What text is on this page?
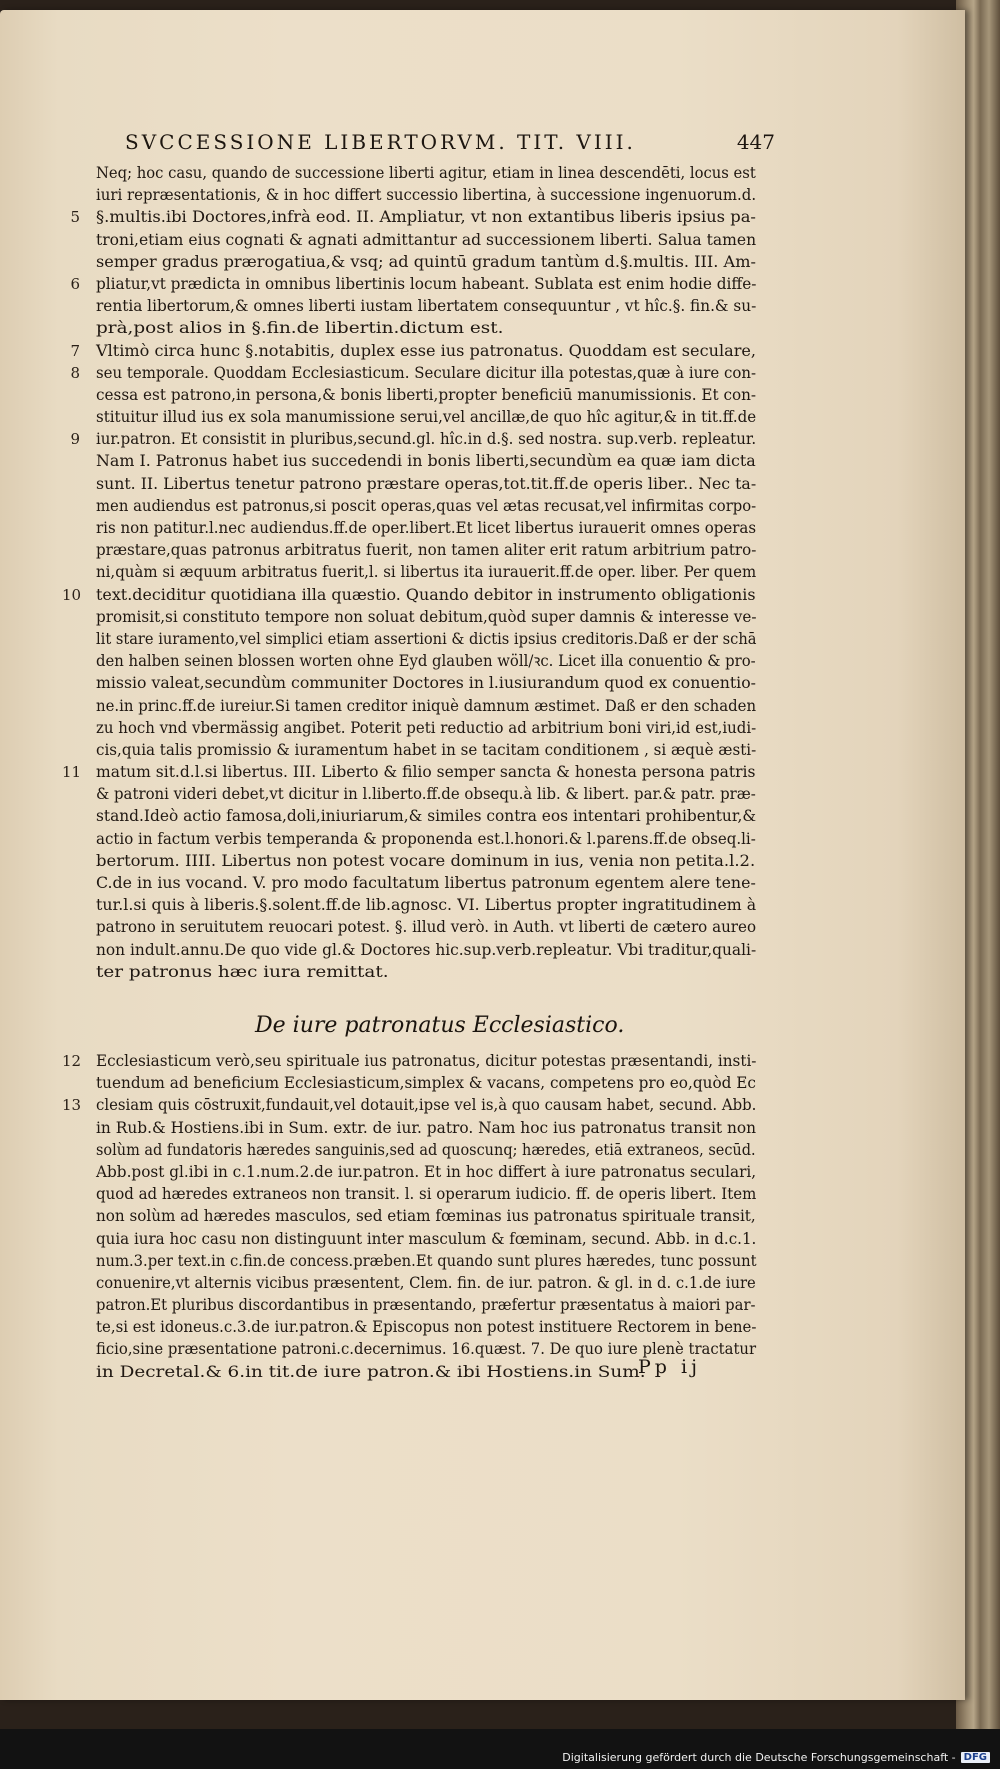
SVCCESSIONE LIBERTORVM. TIT. VIII.	447
Neq; hoc casu, quando de successione liberti agitur, etiam in linea descendēti, locus est
iuri repræsentationis, & in hoc differt successio libertina, à successione ingenuorum.d.
5 §.multis.ibi Doctores,infrà eod. II. Ampliatur, vt non extantibus liberis ipsius pa-
troni,etiam eius cognati & agnati admittantur ad successionem liberti. Salua tamen
semper gradus prærogatiua,& vsq; ad quintū gradum tantùm d.§.multis. III. Am-
6 pliatur,vt prædicta in omnibus libertinis locum habeant. Sublata est enim hodie diffe-
rentia libertorum,& omnes liberti iustam libertatem consequuntur , vt hîc.§. fin.& su-
prà,post alios in §.fin.de libertin.dictum est.
7 Vltimò circa hunc §.notabitis, duplex esse ius patronatus. Quoddam est seculare,
8 seu temporale. Quoddam Ecclesiasticum. Seculare dicitur illa potestas,quæ à iure con-
cessa est patrono,in persona,& bonis liberti,propter beneficiū manumissionis. Et con-
stituitur illud ius ex sola manumissione serui,vel ancillæ,de quo hîc agitur,& in tit.ff.de
9 iur.patron. Et consistit in pluribus,secund.gl. hîc.in d.§. sed nostra. sup.verb. repleatur.
Nam I. Patronus habet ius succedendi in bonis liberti,secundùm ea quæ iam dicta
sunt. II. Libertus tenetur patrono præstare operas,tot.tit.ff.de operis liber.. Nec ta-
men audiendus est patronus,si poscit operas,quas vel ætas recusat,vel infirmitas corpo-
ris non patitur.l.nec audiendus.ff.de oper.libert.Et licet libertus iurauerit omnes operas
præstare,quas patronus arbitratus fuerit, non tamen aliter erit ratum arbitrium patro-
ni,quàm si æquum arbitratus fuerit,l. si libertus ita iurauerit.ff.de oper. liber. Per quem
10 text.deciditur quotidiana illa quæstio. Quando debitor in instrumento obligationis
promisit,si constituto tempore non soluat debitum,quòd super damnis & interesse ve-
lit stare iuramento,vel simplici etiam assertioni & dictis ipsius creditoris.Daß er der schā
den halben seinen blossen worten ohne Eyd glauben wöll/ꝛc. Licet illa conuentio & pro-
missio valeat,secundùm communiter Doctores in l.iusiurandum quod ex conuentio-
ne.in princ.ff.de iureiur.Si tamen creditor iniquè damnum æstimet. Daß er den schaden
zu hoch vnd vbermässig angibet. Poterit peti reductio ad arbitrium boni viri,id est,iudi-
cis,quia talis promissio & iuramentum habet in se tacitam conditionem , si æquè æsti-
11 matum sit.d.l.si libertus. III. Liberto & filio semper sancta & honesta persona patris
& patroni videri debet,vt dicitur in l.liberto.ff.de obsequ.à lib. & libert. par.& patr. præ-
stand.Ideò actio famosa,doli,iniuriarum,& similes contra eos intentari prohibentur,&
actio in factum verbis temperanda & proponenda est.l.honori.& l.parens.ff.de obseq.li-
bertorum. IIII. Libertus non potest vocare dominum in ius, venia non petita.l.2.
C.de in ius vocand. V. pro modo facultatum libertus patronum egentem alere tene-
tur.l.si quis à liberis.§.solent.ff.de lib.agnosc. VI. Libertus propter ingratitudinem à
patrono in seruitutem reuocari potest. §. illud verò. in Auth. vt liberti de cætero aureo
non indult.annu.De quo vide gl.& Doctores hic.sup.verb.repleatur. Vbi traditur,quali-
ter patronus hæc iura remittat.
De iure patronatus Ecclesiastico.
12 Ecclesiasticum verò,seu spirituale ius patronatus, dicitur potestas præsentandi, insti-
tuendum ad beneficium Ecclesiasticum,simplex & vacans, competens pro eo,quòd Ec
13 clesiam quis cōstruxit,fundauit,vel dotauit,ipse vel is,à quo causam habet, secund. Abb.
in Rub.& Hostiens.ibi in Sum. extr. de iur. patro. Nam hoc ius patronatus transit non
solùm ad fundatoris hæredes sanguinis,sed ad quoscunq; hæredes, etiā extraneos, secūd.
Abb.post gl.ibi in c.1.num.2.de iur.patron. Et in hoc differt à iure patronatus seculari,
quod ad hæredes extraneos non transit. l. si operarum iudicio. ff. de operis libert. Item
non solùm ad hæredes masculos, sed etiam fœminas ius patronatus spirituale transit,
quia iura hoc casu non distinguunt inter masculum & fœminam, secund. Abb. in d.c.1.
num.3.per text.in c.fin.de concess.præben.Et quando sunt plures hæredes, tunc possunt
conuenire,vt alternis vicibus præsentent, Clem. fin. de iur. patron. & gl. in d. c.1.de iure
patron.Et pluribus discordantibus in præsentando, præfertur præsentatus à maiori par-
te,si est idoneus.c.3.de iur.patron.& Episcopus non potest instituere Rectorem in bene-
ficio,sine præsentatione patroni.c.decernimus. 16.quæst. 7. De quo iure plenè tractatur
in Decretal.& 6.in tit.de iure patron.& ibi Hostiens.in Sum.
Pp ij
Digitalisierung gefördert durch die Deutsche Forschungsgemeinschaft - DFG
